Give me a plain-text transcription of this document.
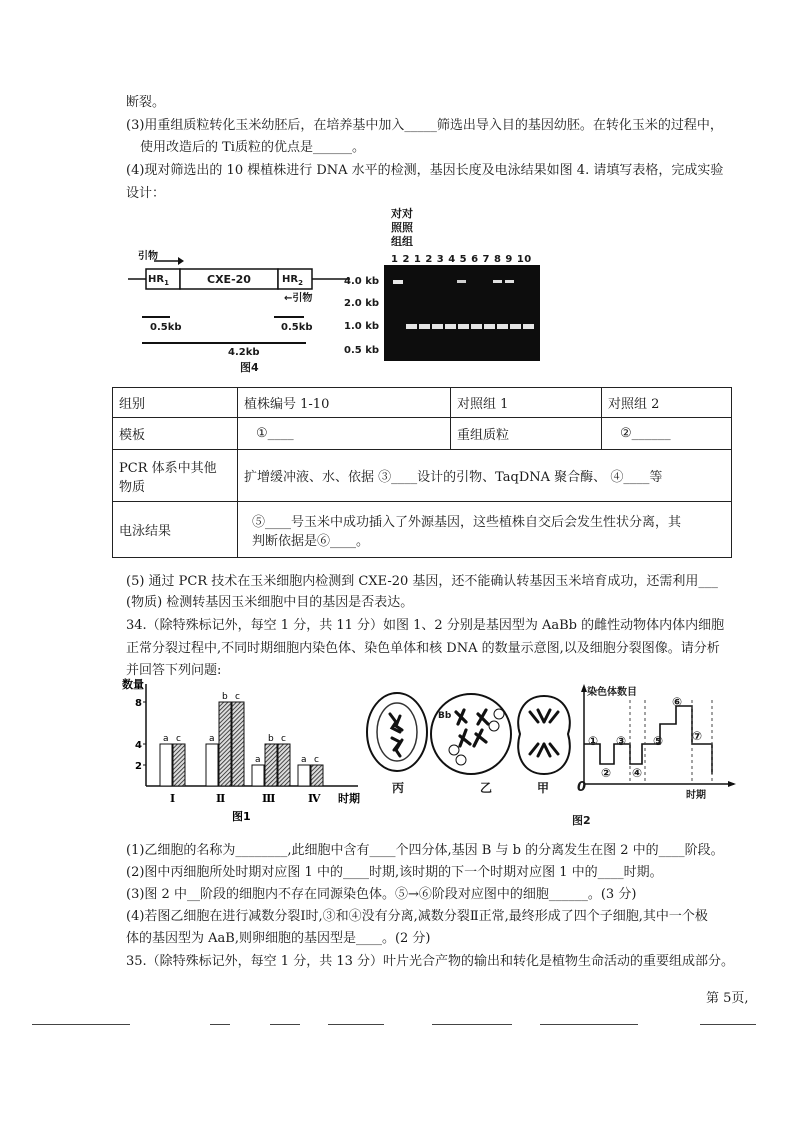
断裂。
(3)用重组质粒转化玉米幼胚后，在培养基中加入_____筛选出导入目的基因幼胚。在转化玉米的过程中，
使用改造后的 Ti质粒的优点是______。
(4)现对筛选出的 10 棵植株进行 DNA 水平的检测，基因长度及电泳结果如图 4. 请填写表格，完成实验
设计：
引物
$HR_1$	CXE-20	$HR_2$
←引物
0.5kb	0.5kb
4.2kb
对对
照照
组组
1 2 1 2 3 4 5 6 7 8 9 10
4.0 kb
2.0 kb
1.0 kb
0.5 kb
图4
组别	植株编号 1-10	对照组 1	对照组 2
模板	①____	重组质粒	②______

PCR 体系中其他
物质	扩增缓冲液、水、依据 ③____设计的引物、TaqDNA 聚合酶、 ④____等		
电泳结果	⑤____号玉米中成功插入了外源基因，这些植株自交后会发生性状分离，其
判断依据是⑥____。		
(5) 通过 PCR 技术在玉米细胞内检测到 CXE-20 基因，还不能确认转基因玉米培育成功，还需利用___
(物质) 检测转基因玉米细胞中目的基因是否表达。
34.（除特殊标记外，每空 1 分，共 11 分）如图 1、2 分别是基因型为 AaBb 的雌性动物体内体内细胞
正常分裂过程中,不同时期细胞内染色体、染色单体和核 DNA 的数量示意图,以及细胞分裂图像。请分析
并回答下列问题:
数量
时期
8
4
2
a c
Ⅰ
a
b c
Ⅱ
a
b c
Ⅲ
a c
Ⅳ
图1
Bb
丙	乙	甲
染色体数目
时期
0
①
②
③
④
⑤
⑥
⑦
图2
(1)乙细胞的名称为________,此细胞中含有____个四分体,基因 B 与 b 的分离发生在图 2 中的____阶段。
(2)图中丙细胞所处时期对应图 1 中的____时期,该时期的下一个时期对应图 1 中的____时期。
(3)图 2 中__阶段的细胞内不存在同源染色体。⑤→⑥阶段对应图中的细胞______。(3 分)
(4)若图乙细胞在进行减数分裂Ⅰ时,③和④没有分离,减数分裂Ⅱ正常,最终形成了四个子细胞,其中一个极
体的基因型为 AaB,则卵细胞的基因型是____。(2 分)
35.（除特殊标记外，每空 1 分，共 13 分）叶片光合产物的输出和转化是植物生命活动的重要组成部分。
第 5页,
